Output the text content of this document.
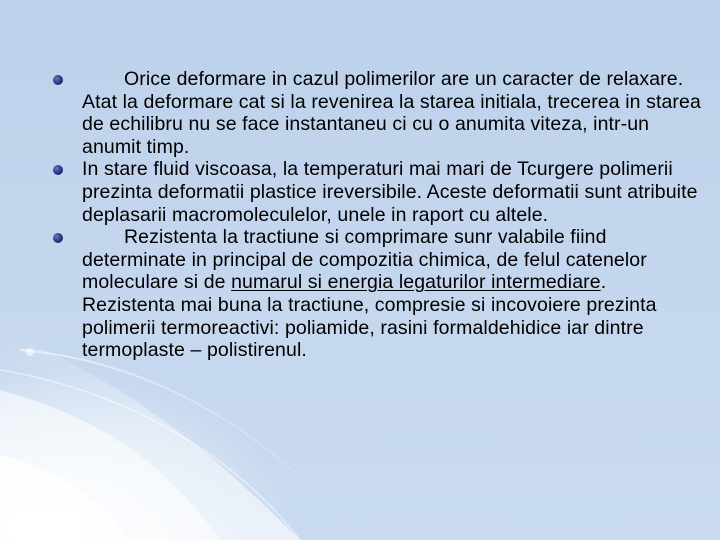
Orice deformare in cazul polimerilor are un caracter de relaxare. Atat la deformare cat si la revenirea la starea initiala, trecerea in starea de echilibru nu se face instantaneu ci cu o anumita viteza, intr-un anumit timp.
In stare fluid viscoasa, la temperaturi mai mari de Tcurgere polimerii prezinta deformatii plastice ireversibile. Aceste deformatii sunt atribuite deplasarii macromoleculelor, unele in raport cu altele.
Rezistenta la tractiune si comprimare sunr valabile fiind determinate in principal de compozitia chimica, de felul catenelor moleculare si de numarul si energia legaturilor intermediare. Rezistenta mai buna la tractiune, compresie si incovoiere prezinta polimerii termoreactivi: poliamide, rasini formaldehidice iar dintre termoplaste – polistirenul.
